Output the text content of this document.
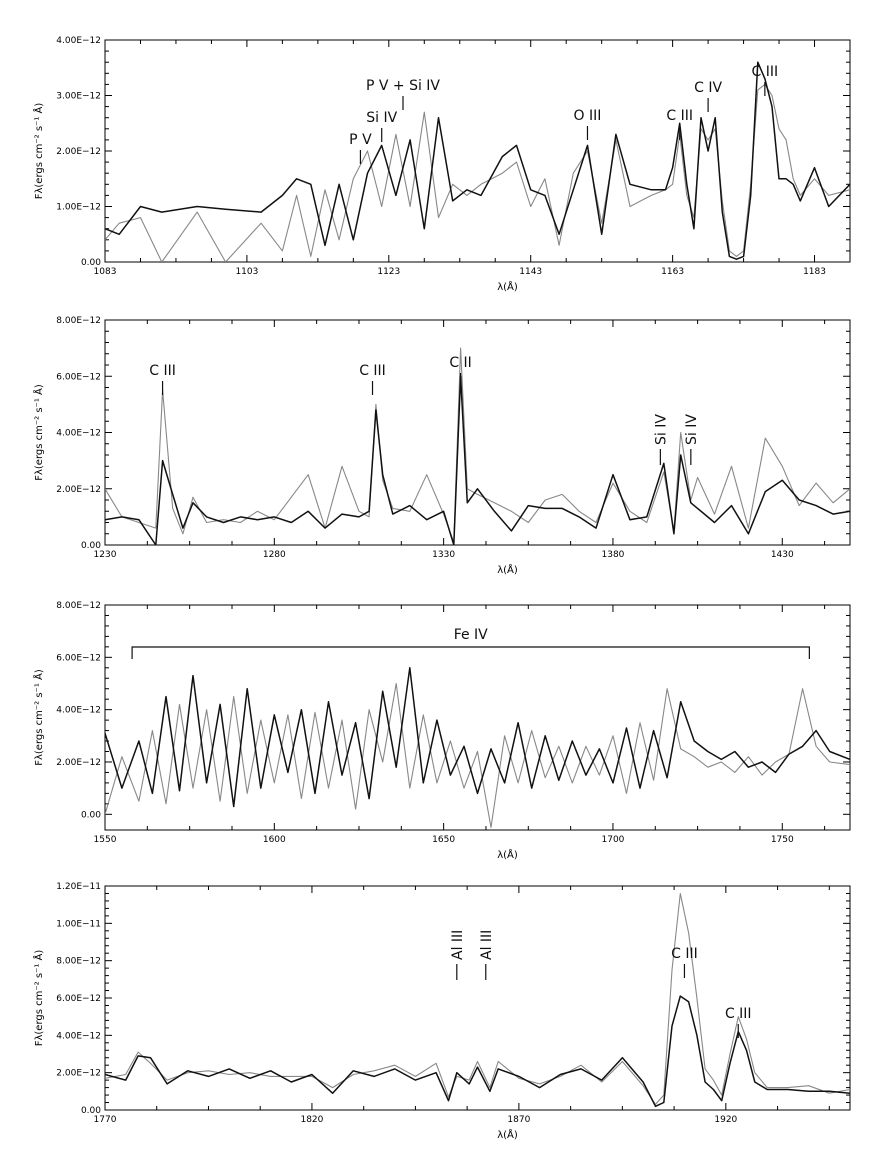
1083	1103	1123	1143	1163	1183
0.00
1.00E−12
2.00E−12
3.00E−12
4.00E−12
λ(Å)
Fλ(ergs cm⁻² s⁻¹ Å)	P V
Si IV
P V + Si IV
O III	C III
C IV
C III
1230	1280	1330	1380	1430
0.00
2.00E−12
4.00E−12
6.00E−12
8.00E−12
λ(Å)
Fλ(ergs cm⁻² s⁻¹ Å)
C III	C III	C II
Si IV Si IV
1550	1600	1650	1700	1750
0.00
2.00E−12
4.00E−12
6.00E−12
8.00E−12
λ(Å)
Fλ(ergs cm⁻² s⁻¹ Å)
Fe IV
1770	1820	1870	1920
0.00
2.00E−12
4.00E−12
6.00E−12
8.00E−12
1.00E−11
1.20E−11
λ(Å)
Fλ(ergs cm⁻² s⁻¹ Å)
Al III Al III	C III
C III
